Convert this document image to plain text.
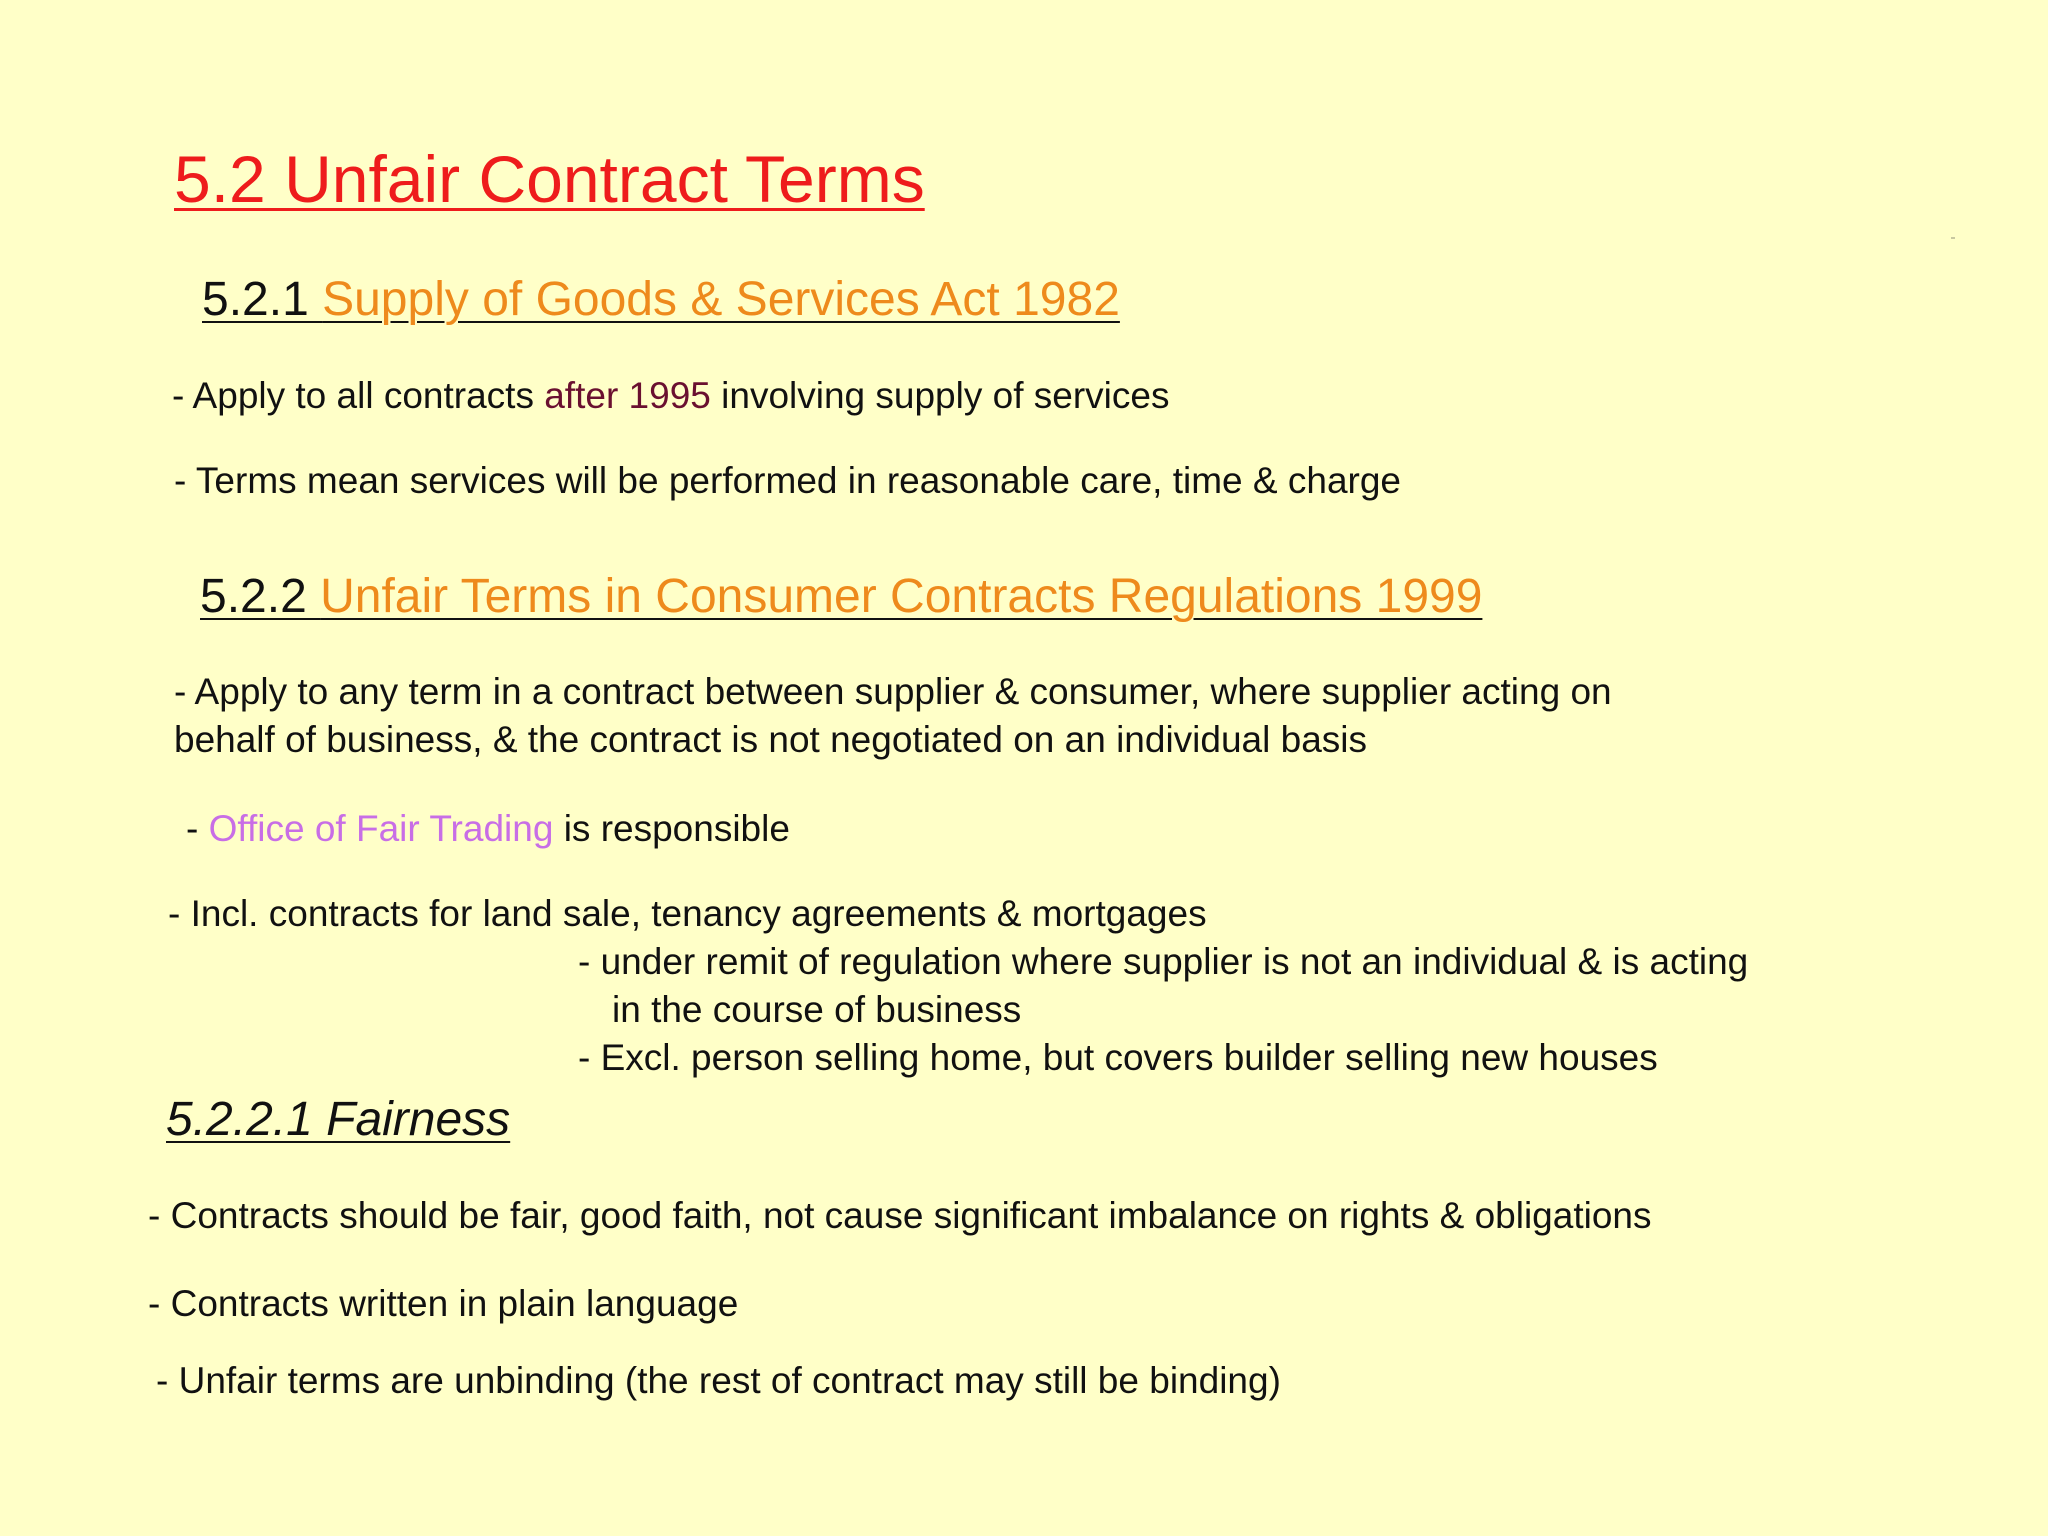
5.2 Unfair Contract Terms
5.2.1 Supply of Goods & Services Act 1982
- Apply to all contracts after 1995 involving supply of services
- Terms mean services will be performed in reasonable care, time & charge
5.2.2 Unfair Terms in Consumer Contracts Regulations 1999
- Apply to any term in a contract between supplier & consumer, where supplier acting on
behalf of business, & the contract is not negotiated on an individual basis
- Office of Fair Trading is responsible
- Incl. contracts for land sale, tenancy agreements & mortgages
- under remit of regulation where supplier is not an individual & is acting
in the course of business
- Excl. person selling home, but covers builder selling new houses
5.2.2.1 Fairness
- Contracts should be fair, good faith, not cause significant imbalance on rights & obligations
- Contracts written in plain language
- Unfair terms are unbinding (the rest of contract may still be binding)
